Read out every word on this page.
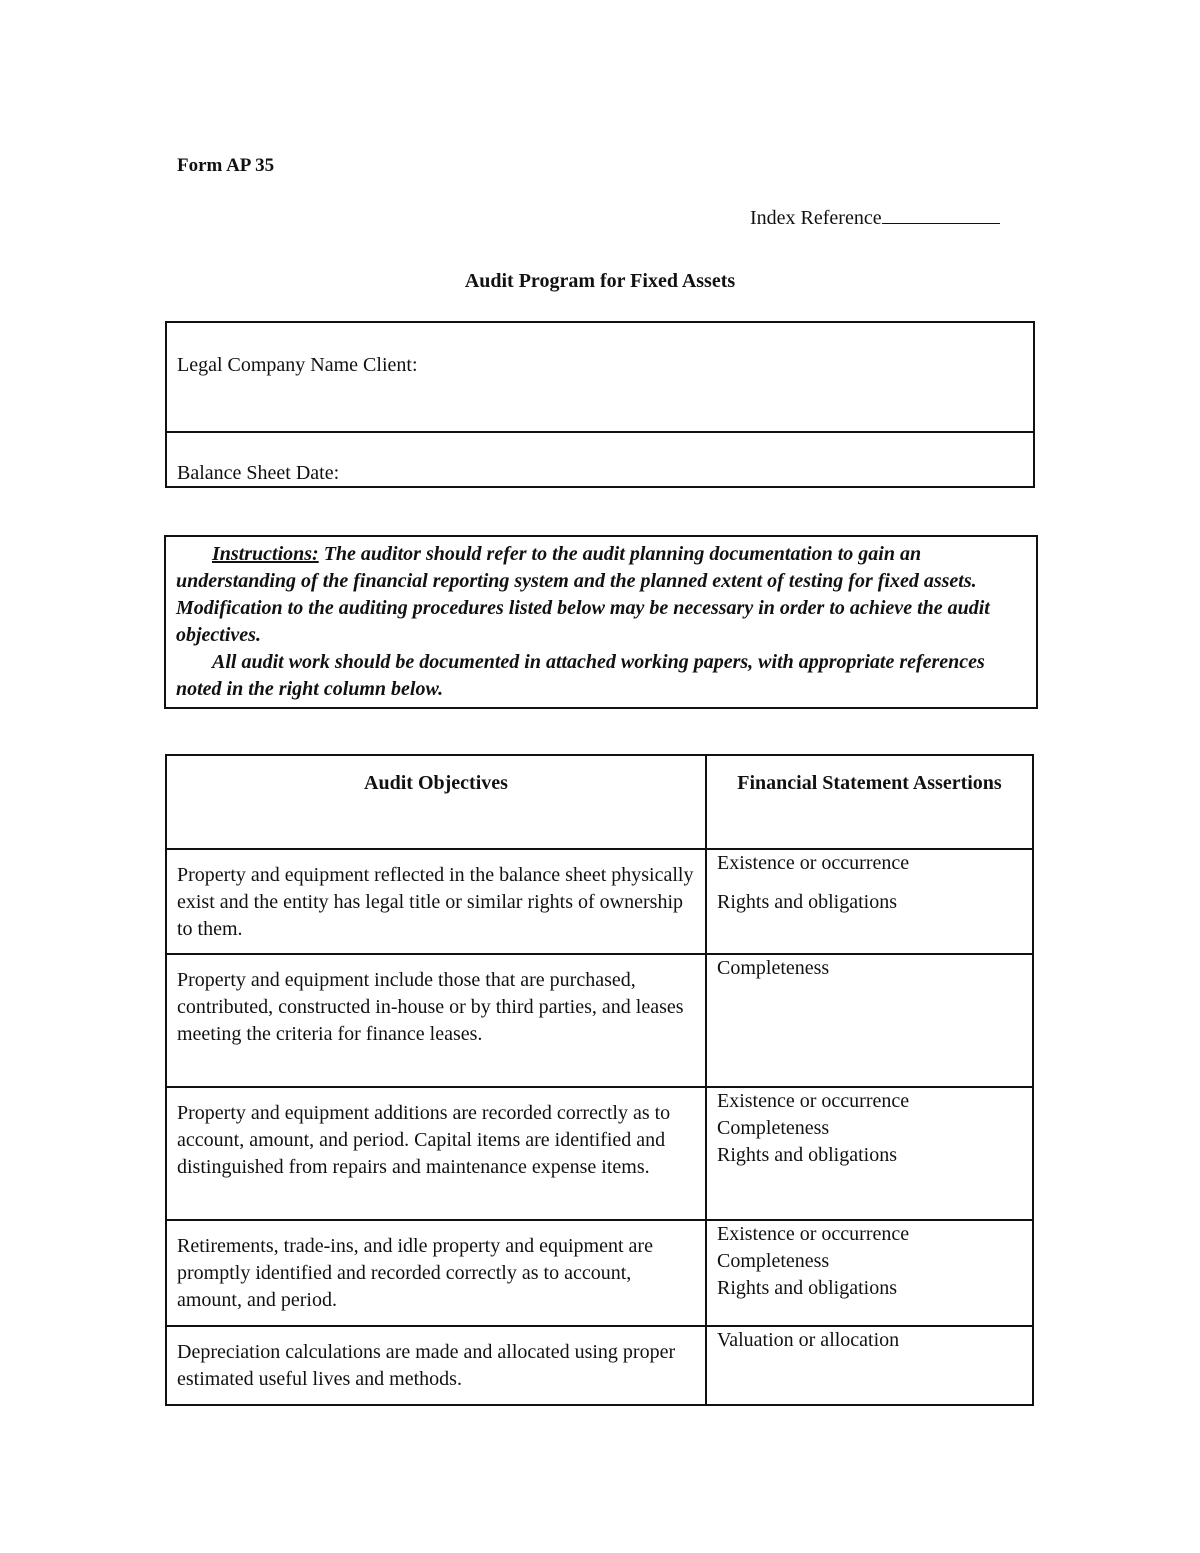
Form AP 35
Index Reference
Audit Program for Fixed Assets
Legal Company Name Client:
Balance Sheet Date:

Instructions: The auditor should refer to the audit planning documentation to gain an understanding of the financial reporting system and the planned extent of testing for fixed assets. Modification to the auditing procedures listed below may be necessary in order to achieve the audit objectives.

All audit work should be documented in attached working papers, with appropriate references noted in the right column below.

Audit Objectives	Financial Statement Assertions
Property and equipment reflected in the balance sheet physically exist and the entity has legal title or similar rights of ownership to them.	Existence or occurrence
Rights and obligations

Property and equipment include those that are purchased, contributed, constructed in-house or by third parties, and leases meeting the criteria for finance leases.	Completeness

Property and equipment additions are recorded correctly as to account, amount, and period. Capital items are identified and distinguished from repairs and maintenance expense items.	Existence or occurrence
Completeness
Rights and obligations

Retirements, trade-ins, and idle property and equipment are promptly identified and recorded correctly as to account, amount, and period.	Existence or occurrence
Completeness
Rights and obligations

Depreciation calculations are made and allocated using proper estimated useful lives and methods.	Valuation or allocation
